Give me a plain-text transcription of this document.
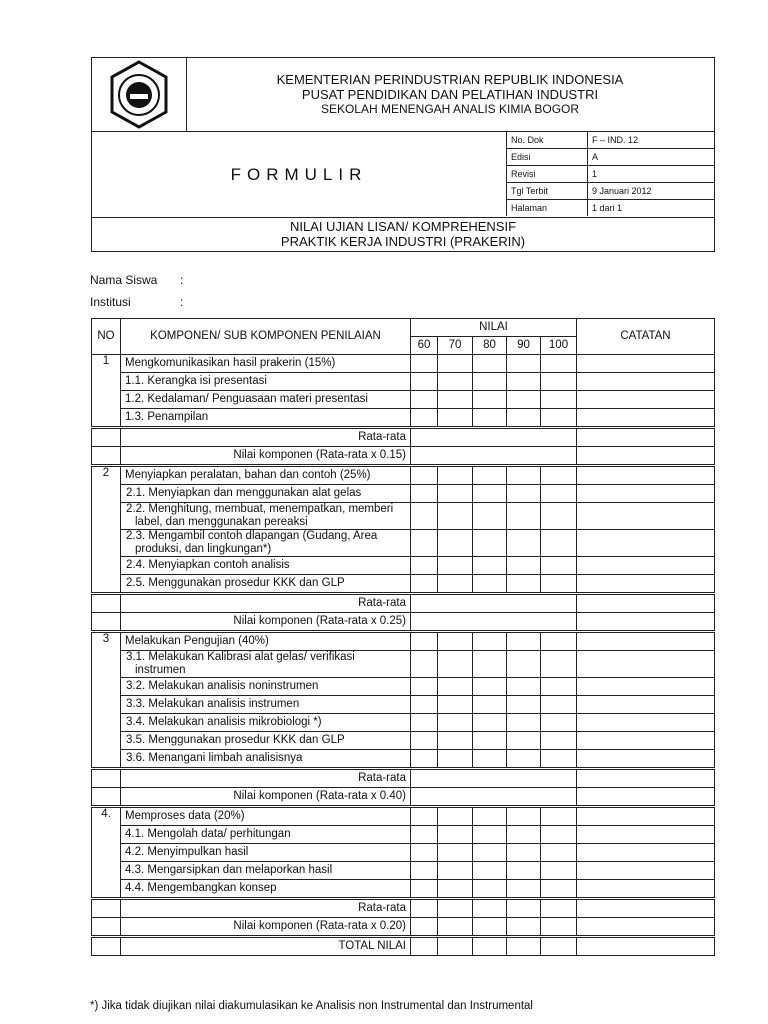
KEMENTERIAN PERINDUSTRIAN REPUBLIK INDONESIA
PUSAT PENDIDIKAN DAN PELATIHAN INDUSTRI
SEKOLAH MENENGAH ANALIS KIMIA BOGOR
FORMULIR
No. Dok	F – IND. 12
Edisi	A
Revisi	1
Tgl Terbit	9 Januari 2012
Halaman	1 dari 1
NILAI UJIAN LISAN/ KOMPREHENSIF
PRAKTIK KERJA INDUSTRI (PRAKERIN)
Nama Siswa :
Institusi	:
NO	KOMPONEN/ SUB KOMPONEN PENILAIAN	NILAI					CATATAN
		60	70	80	90	100	
1	Mengkomunikasikan hasil prakerin (15%)						
	1.1. Kerangka isi presentasi						
	1.2. Kedalaman/ Penguasaan materi presentasi						
	1.3. Penampilan						
	Rata-rata						
	Nilai komponen (Rata-rata x 0.15)						
2	Menyiapkan peralatan, bahan dan contoh (25%)						
	2.1. Menyiapkan dan menggunakan alat gelas						
	2.2. Menghitung, membuat, menempatkan, memberi label, dan menggunakan pereaksi						
	2.3. Mengambil contoh dlapangan (Gudang, Area produksi, dan lingkungan*)						
	2.4. Menyiapkan contoh analisis						
	2.5. Menggunakan prosedur KKK dan GLP						
	Rata-rata						
	Nilai komponen (Rata-rata x 0.25)						
3	Melakukan Pengujian (40%)						
	3.1. Melakukan Kalibrasi alat gelas/ verifikasi instrumen						
	3.2. Melakukan analisis noninstrumen						
	3.3. Melakukan analisis instrumen						
	3.4. Melakukan analisis mikrobiologi *)						
	3.5. Menggunakan prosedur KKK dan GLP						
	3.6. Menangani limbah analisisnya						
	Rata-rata						
	Nilai komponen (Rata-rata x 0.40)						
4.	Memproses data (20%)						
	4.1. Mengolah data/ perhitungan						
	4.2. Menyimpulkan hasil						
	4.3. Mengarsipkan dan melaporkan hasil						
	4.4. Mengembangkan konsep						
	Rata-rata						
	Nilai komponen (Rata-rata x 0.20)						
	TOTAL NILAI						
*) Jika tidak diujikan nilai diakumulasikan ke Analisis non Instrumental dan Instrumental
